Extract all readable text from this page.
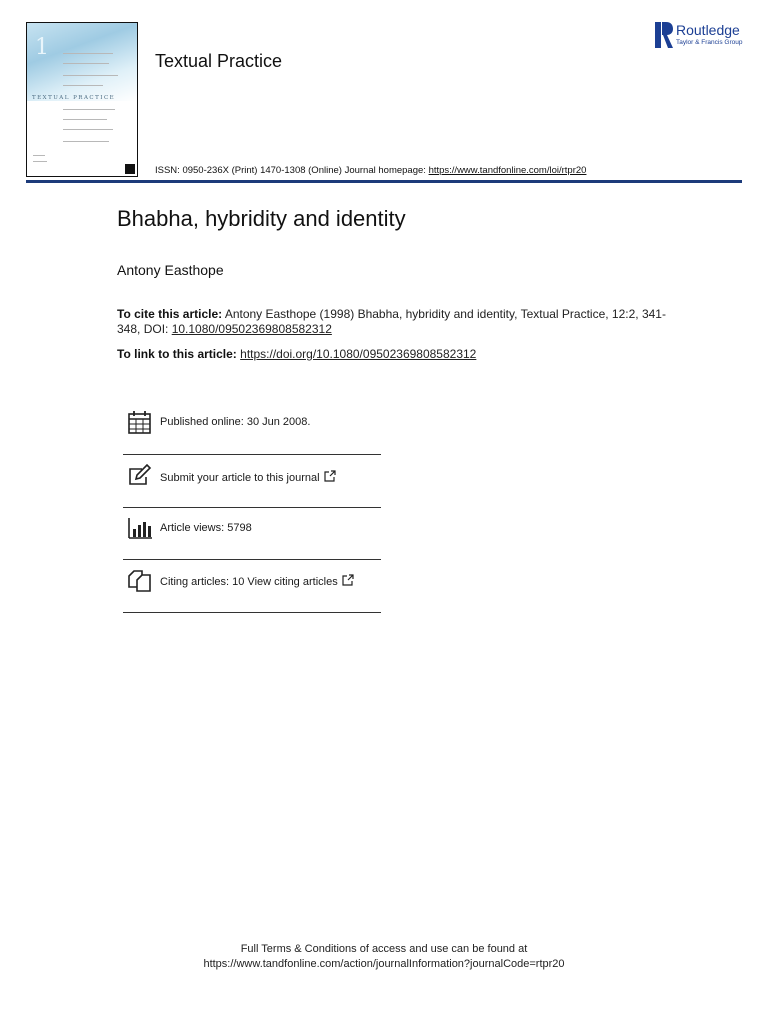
1
TEXTUAL PRACTICE
Textual Practice
Routledge
Taylor & Francis Group
ISSN: 0950-236X (Print) 1470-1308 (Online) Journal homepage: https://www.tandfonline.com/loi/rtpr20
Bhabha, hybridity and identity
Antony Easthope
To cite this article: Antony Easthope (1998) Bhabha, hybridity and identity, Textual Practice, 12:2, 341-348, DOI: 10.1080/09502369808582312
To link to this article: https://doi.org/10.1080/09502369808582312
Published online: 30 Jun 2008.
Submit your article to this journal
Article views: 5798
Citing articles: 10 View citing articles
Full Terms & Conditions of access and use can be found at
https://www.tandfonline.com/action/journalInformation?journalCode=rtpr20
